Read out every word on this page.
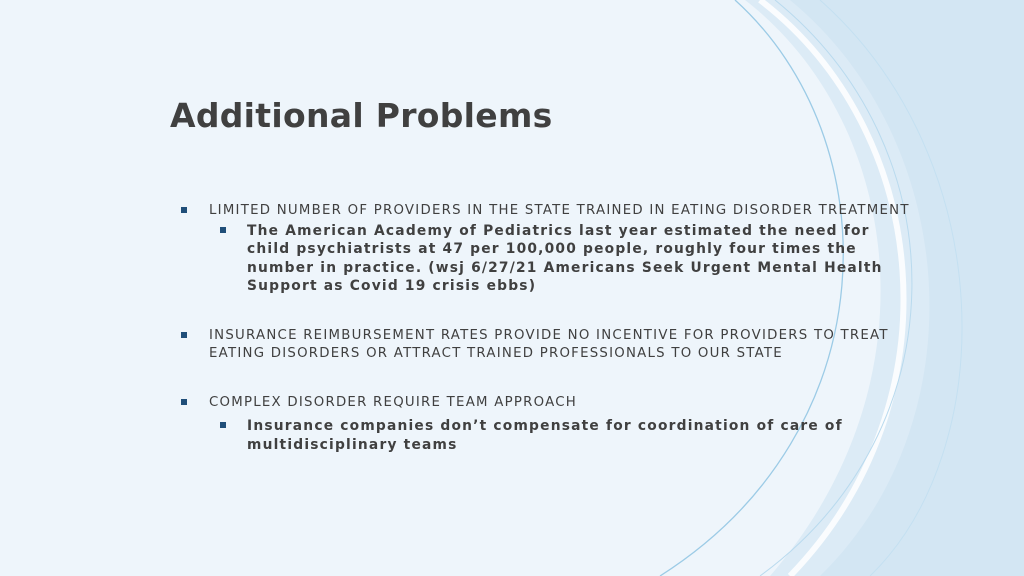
Additional Problems
LIMITED NUMBER OF PROVIDERS IN THE STATE TRAINED IN EATING DISORDER TREATMENT
The American Academy of Pediatrics last year estimated the need for child psychiatrists at 47 per 100,000 people, roughly four times the number in practice. (wsj 6/27/21 Americans Seek Urgent Mental Health Support as Covid 19 crisis ebbs)
INSURANCE REIMBURSEMENT RATES PROVIDE NO INCENTIVE FOR PROVIDERS TO TREAT EATING DISORDERS OR ATTRACT TRAINED PROFESSIONALS TO OUR STATE
COMPLEX DISORDER REQUIRE TEAM APPROACH
Insurance companies don’t compensate for coordination of care of multidisciplinary teams
